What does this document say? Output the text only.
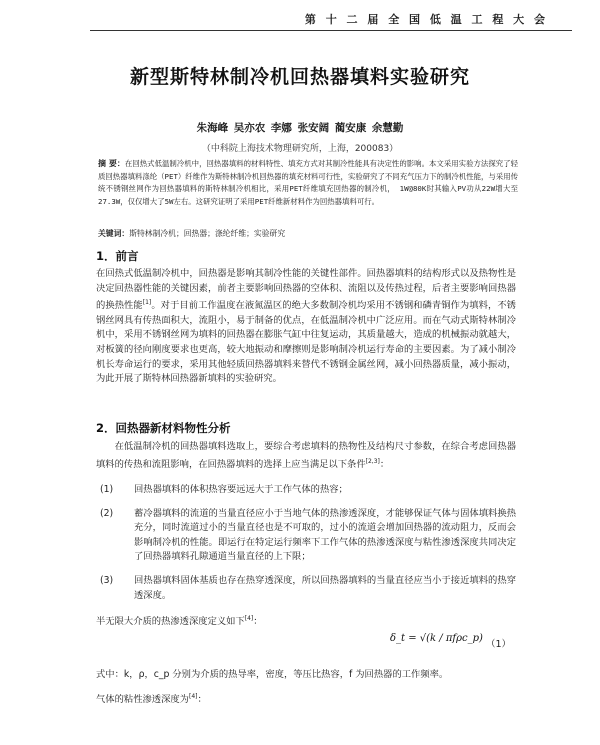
第 十 二 届 全 国 低 温 工 程 大 会
新型斯特林制冷机回热器填料实验研究
朱海峰 吴亦农 李娜 张安阔 蔺安康 余慧勤
（中科院上海技术物理研究所，上海，200083）

摘 要：在回热式低温制冷机中，回热器填料的材料特性、填充方式对其制冷性能具有决定性的影响。本文采用实验方法探究了轻质回热器填料涤纶（PET）纤维作为斯特林制冷机回热器的填充材料可行性，实验研究了不同充气压力下的制冷机性能，与采用传统不锈钢丝网作为回热器填料的斯特林制冷机相比，采用PET纤维填充回热器的制冷机， 1W@80K时其输入PV功从22W增大至27.3W，仅仅增大了5W左右。这研究证明了采用PET纤维新材料作为回热器填料可行。

关键词：斯特林制冷机；回热器；涤纶纤维；实验研究
1．前言

在回热式低温制冷机中，回热器是影响其制冷性能的关键性部件。回热器填料的结构形式以及热物性是决定回热器性能的关键因素，前者主要影响回热器的空体积、流阻以及传热过程，后者主要影响回热器的换热性能[1]。对于目前工作温度在液氮温区的绝大多数制冷机均采用不锈钢和磷青铜作为填料，不锈钢丝网具有传热面积大，流阻小，易于制备的优点，在低温制冷机中广泛应用。而在气动式斯特林制冷机中，采用不锈钢丝网为填料的回热器在膨胀气缸中往复运动，其质量越大，造成的机械振动就越大，对板簧的径向刚度要求也更高，较大地振动和摩擦则是影响制冷机运行寿命的主要因素。为了减小制冷机长寿命运行的要求，采用其他轻质回热器填料来替代不锈钢金属丝网，减小回热器质量，减小振动，为此开展了斯特林回热器新填料的实验研究。

2．回热器新材料物性分析

在低温制冷机的回热器填料选取上，要综合考虑填料的热物性及结构尺寸参数，在综合考虑回热器填料的传热和流阻影响，在回热器填料的选择上应当满足以下条件[2,3]：

(1) 回热器填料的体积热容要远远大于工作气体的热容；
(2) 蓄冷器填料的流道的当量直径应小于当地气体的热渗透深度，才能够保证气体与固体填料换热充分，同时流道过小的当量直径也是不可取的，过小的流道会增加回热器的流动阻力，反而会影响制冷机的性能。即运行在特定运行频率下工作气体的热渗透深度与粘性渗透深度共同决定了回热器填料孔隙通道当量直径的上下限；
(3) 回热器填料固体基质也存在热穿透深度，所以回热器填料的当量直径应当小于接近填料的热穿透深度。

半无限大介质的热渗透深度定义如下[4]：

δ_t = √(k / πfρc_p)
（1）

式中：k，ρ，c_p 分别为介质的热导率，密度，等压比热容，f 为回热器的工作频率。

气体的粘性渗透深度为[4]：
